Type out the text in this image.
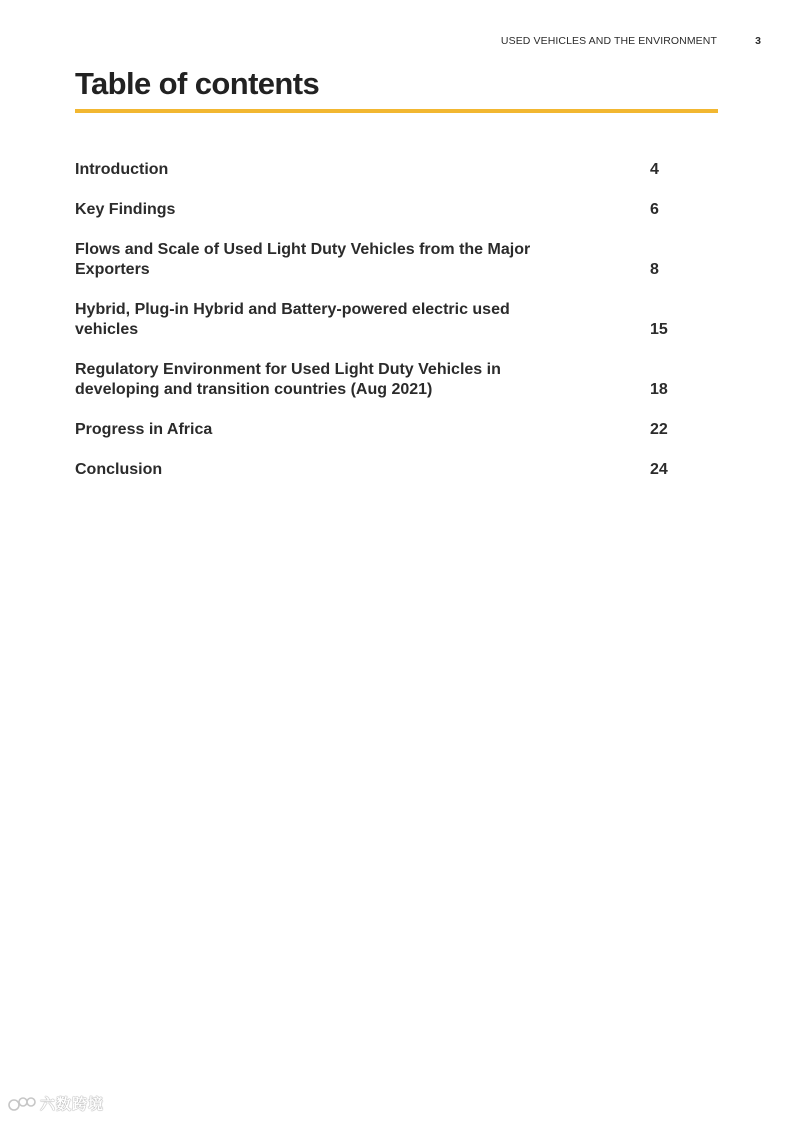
USED VEHICLES AND THE ENVIRONMENT	3
Table of contents
Introduction	4
Key Findings	6
Flows and Scale of Used Light Duty Vehicles from the Major Exporters	8
Hybrid, Plug-in Hybrid and Battery-powered electric used vehicles	15
Regulatory Environment for Used Light Duty Vehicles in developing and transition countries (Aug 2021)	18
Progress in Africa	22
Conclusion	24
六数跨境
